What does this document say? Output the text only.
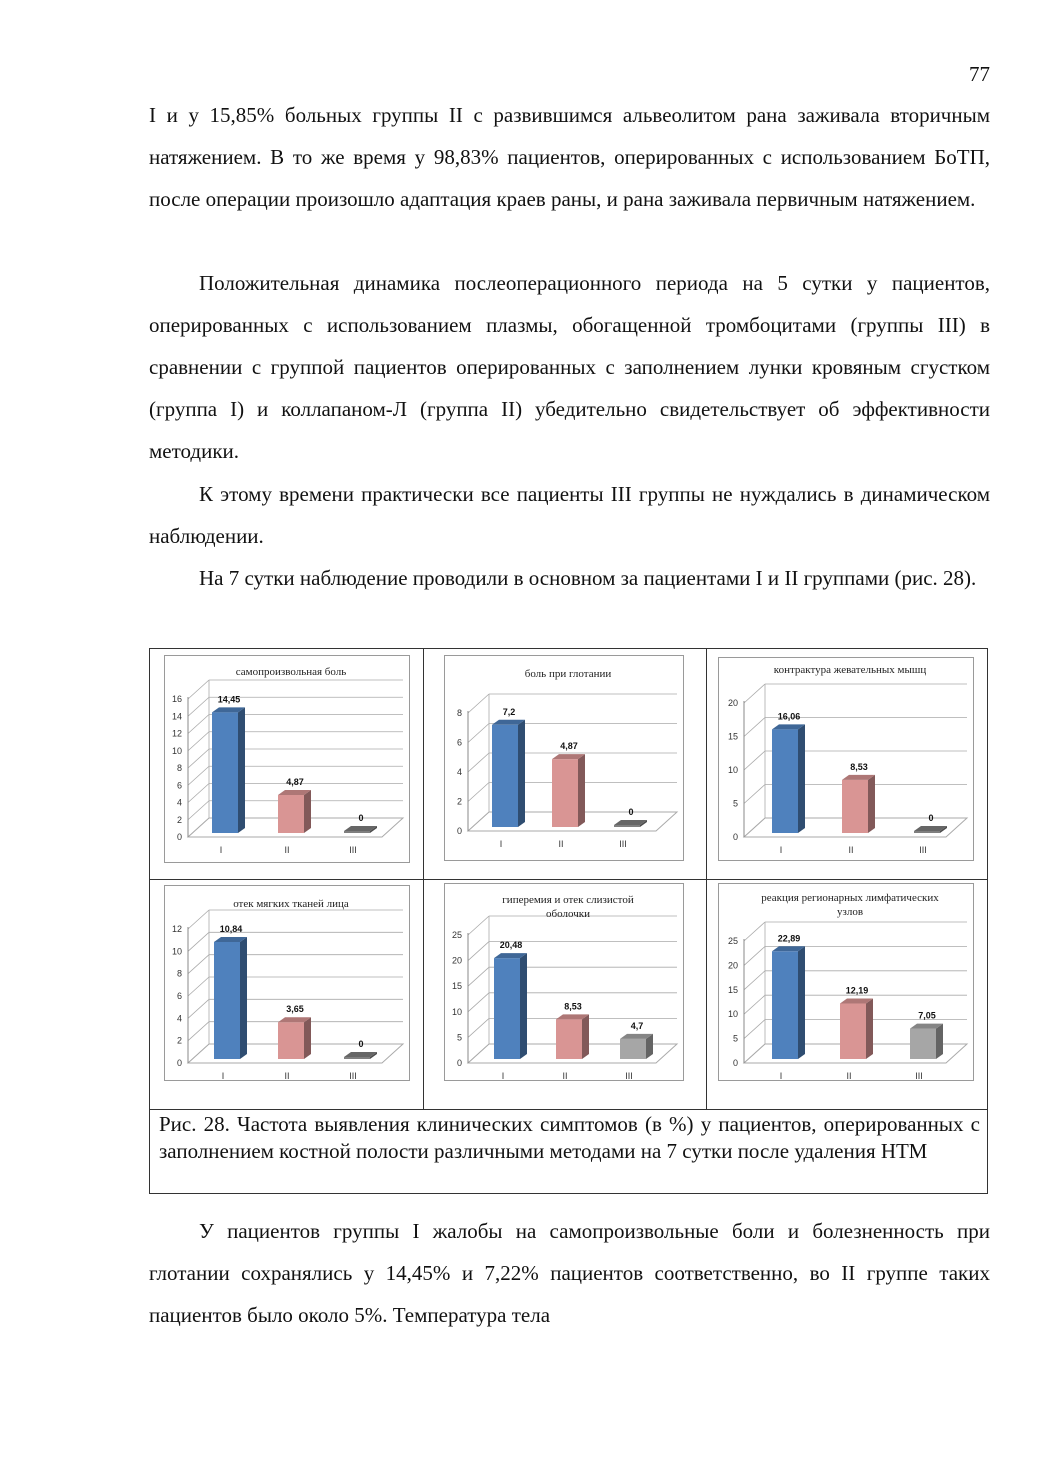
77

I и у 15,85% больных группы II с развившимся альвеолитом рана заживала вторичным натяжением. В то же время у 98,83% пациентов, оперированных с использованием БоТП, после операции произошло адаптация краев раны, и рана заживала первичным натяжением.

Положительная динамика послеоперационного периода на 5 сутки у пациентов, оперированных с использованием плазмы, обогащенной тромбоцитами (группы III) в сравнении с группой пациентов оперированных с заполнением лунки кровяным сгустком (группа I) и коллапаном-Л (группа II) убедительно свидетельствует об эффективности методики.

К этому времени практически все пациенты III группы не нуждались в динамическом наблюдении.

На 7 сутки наблюдение проводили в основном за пациентами I и II группами (рис. 28).

0
2
4
6
8
10
12
14
16
самопроизвольная боль
14,45
I
4,87
II
0
III
0
2
4
6
8
боль при глотании
7,2
I
4,87
II
0
III
0
5
10
15
20
контрактура жевательных мышц
16,06
I
8,53
II
0
III
0
2
4
6
8
10
12
отек мягких тканей лица
10,84
I
3,65
II
0
III
0
5
10
15
20
25
гиперемия и отек слизистой
оболочки
20,48
I
8,53
II
4,7
III
0
5
10
15
20
25
реакция регионарных лимфатических
узлов
22,89
I
12,19
II
7,05
III

Рис. 28. Частота выявления клинических симптомов (в %) у пациентов, оперированных с заполнением костной полости различными методами на 7 сутки после удаления НТМ

У пациентов группы I жалобы на самопроизвольные боли и болезненность при глотании сохранялись у 14,45% и 7,22% пациентов соответственно, во II группе таких пациентов было около 5%. Температура тела
